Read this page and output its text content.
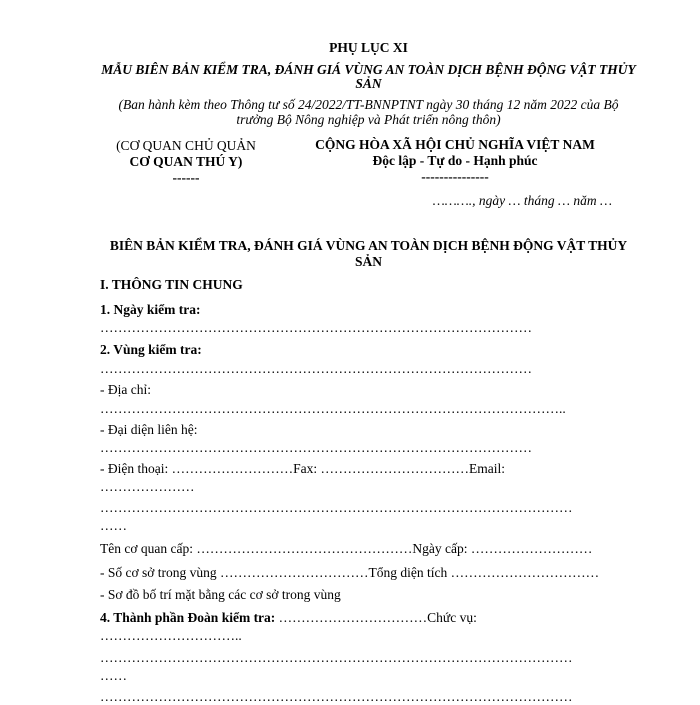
PHỤ LỤC XI
MẪU BIÊN BẢN KIỂM TRA, ĐÁNH GIÁ VÙNG AN TOÀN DỊCH BỆNH ĐỘNG VẬT THỦY SẢN
(Ban hành kèm theo Thông tư số 24/2022/TT-BNNPTNT ngày 30 tháng 12 năm 2022 của Bộ trưởng Bộ Nông nghiệp và Phát triển nông thôn)
(CƠ QUAN CHỦ QUẢN
CƠ QUAN THÚ Y)
------
CỘNG HÒA XÃ HỘI CHỦ NGHĨA VIỆT NAM
Độc lập - Tự do - Hạnh phúc
---------------
………., ngày … tháng … năm …
BIÊN BẢN KIỂM TRA, ĐÁNH GIÁ VÙNG AN TOÀN DỊCH BỆNH ĐỘNG VẬT THỦY SẢN
I. THÔNG TIN CHUNG
1. Ngày kiểm tra:
……………………………………………………………………………………
2. Vùng kiểm tra:
……………………………………………………………………………………
- Địa chỉ:
…………………………………………………………………………………………..
- Đại diện liên hệ:
……………………………………………………………………………………
- Điện thoại: ………………………Fax: ……………………………Email:
…………………
……………………………………………………………………………………………
……
Tên cơ quan cấp: …………………………………………Ngày cấp: ………………………
- Số cơ sở trong vùng ……………………………Tổng diện tích ……………………………
- Sơ đồ bố trí mặt bằng các cơ sở trong vùng
4. Thành phần Đoàn kiểm tra: ……………………………Chức vụ:
…………………………..
……………………………………………………………………………………………
……
……………………………………………………………………………………………
